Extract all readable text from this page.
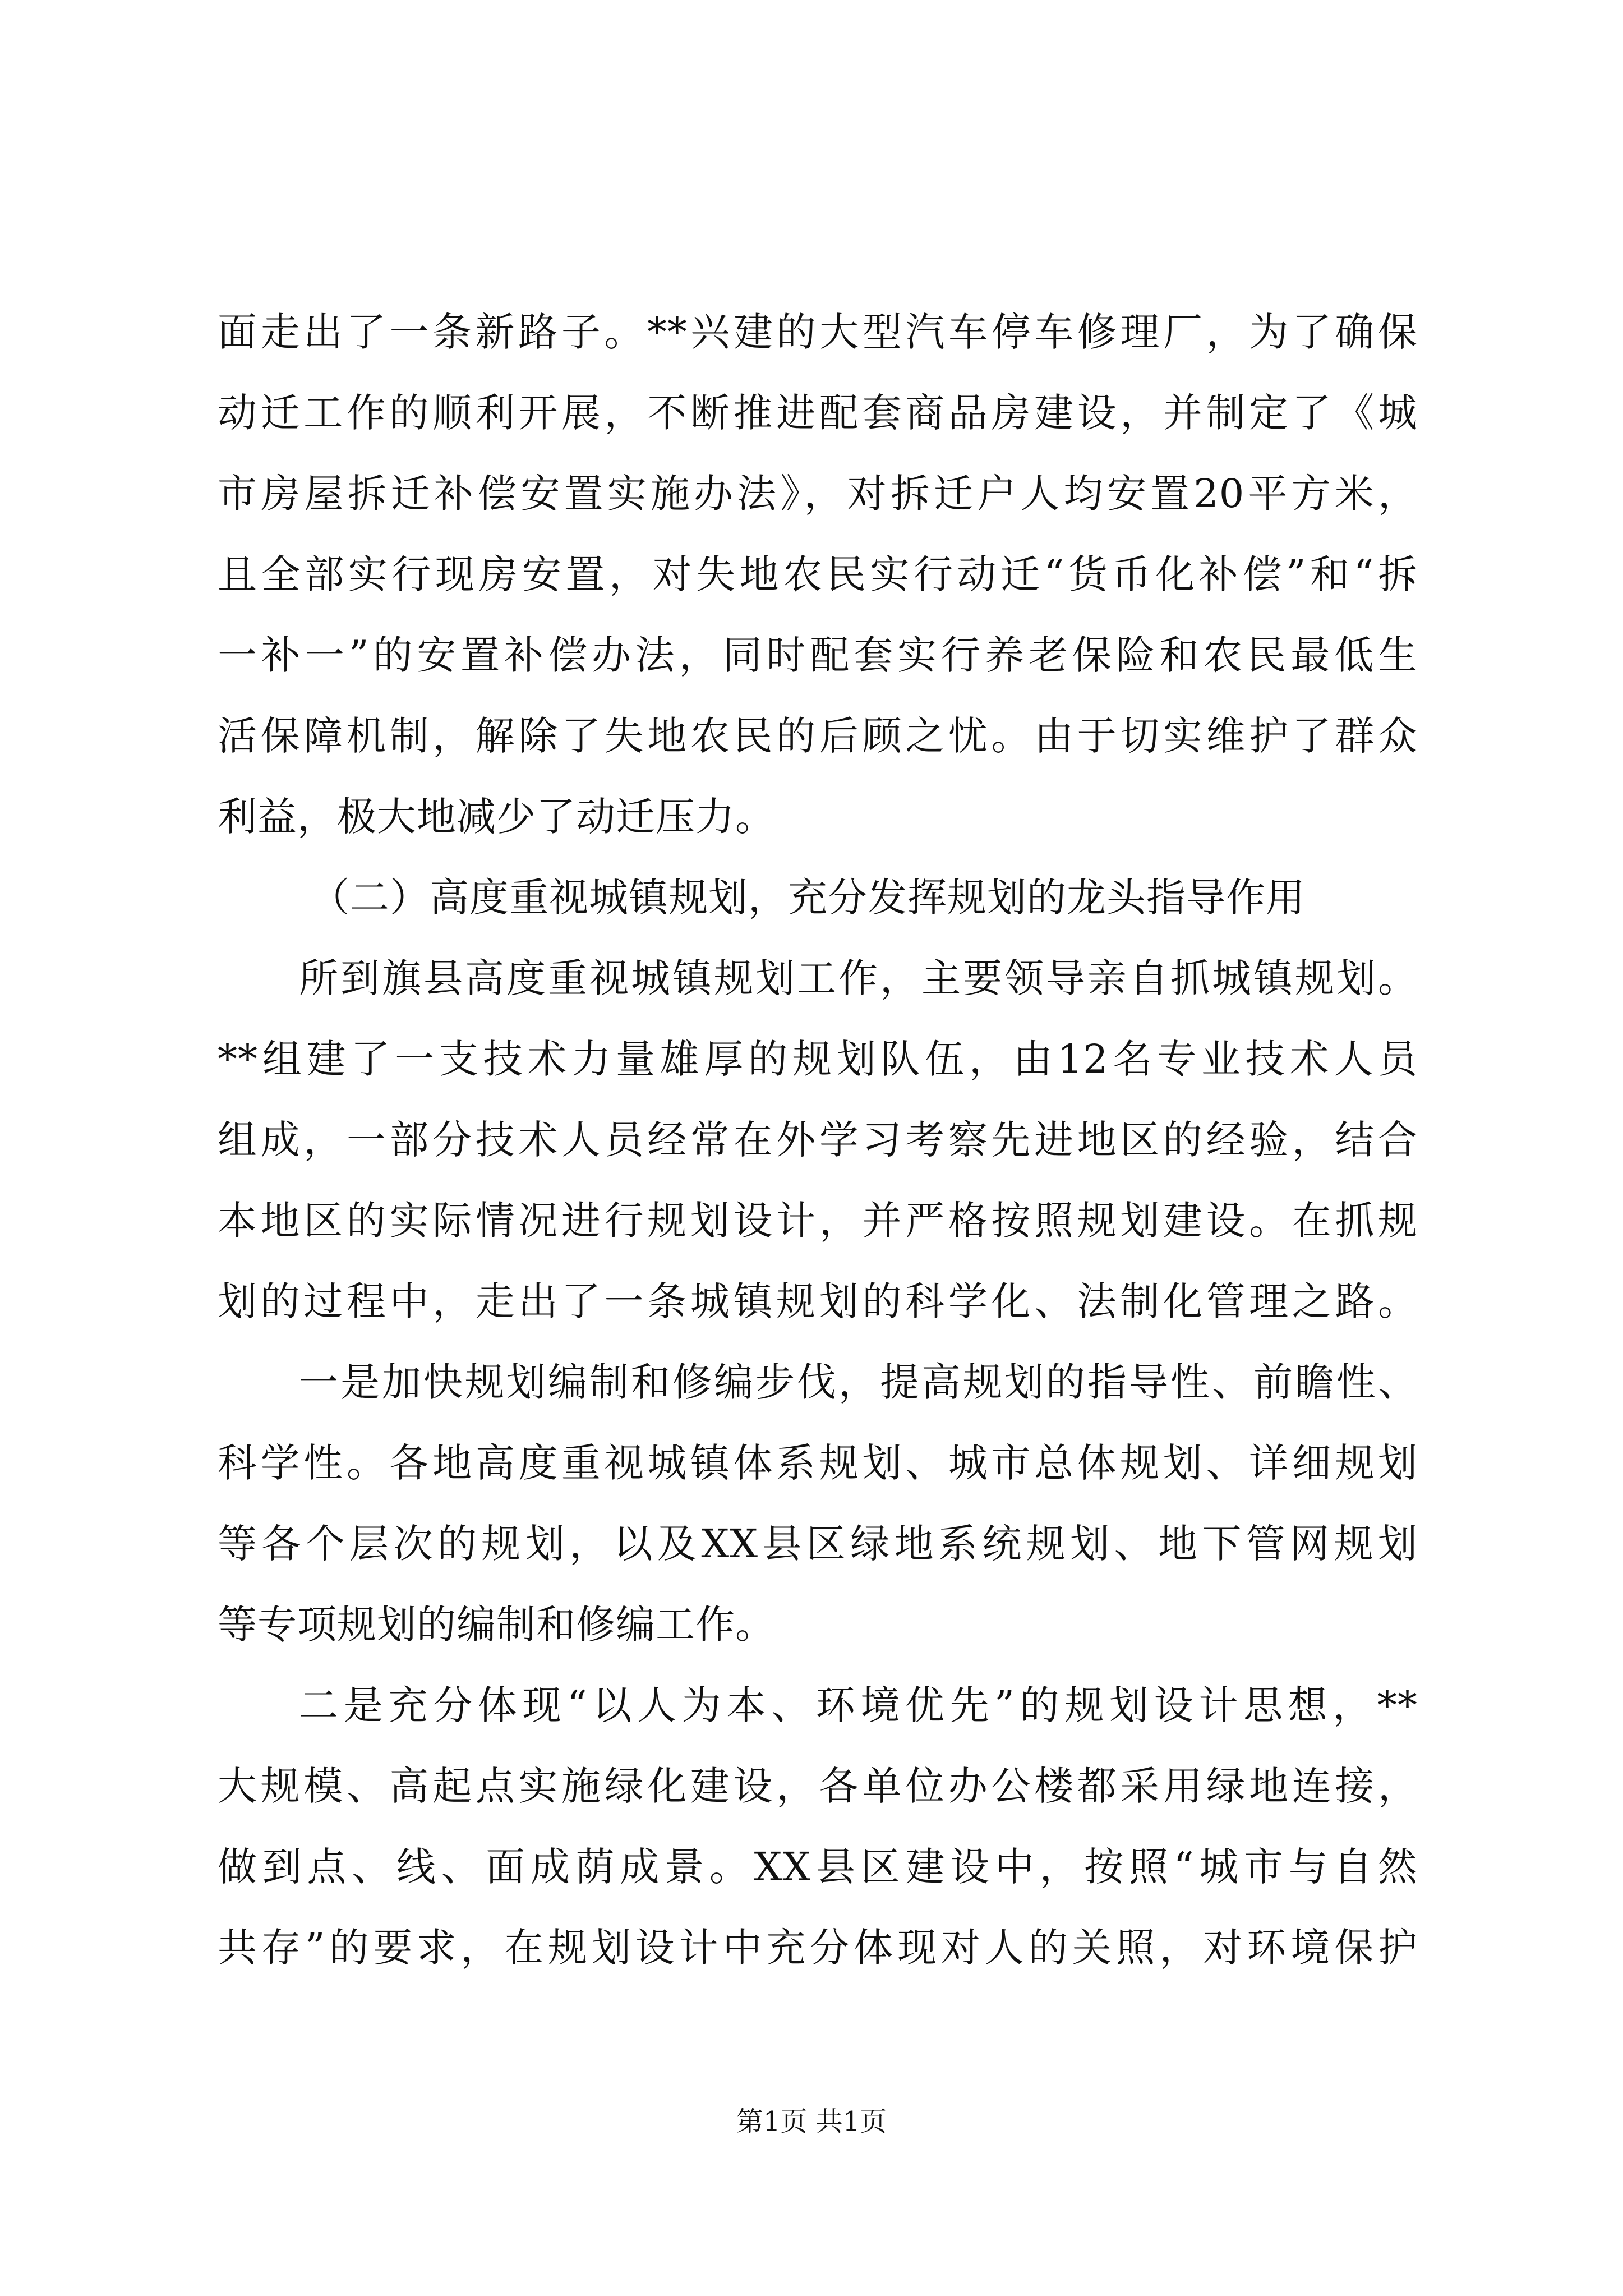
面走出了一条新路子。**兴建的大型汽车停车修理厂，为了确保
动迁工作的顺利开展，不断推进配套商品房建设，并制定了《城
市房屋拆迁补偿安置实施办法》，对拆迁户人均安置20平方米，
且全部实行现房安置，对失地农民实行动迁“货币化补偿”和“拆
一补一”的安置补偿办法，同时配套实行养老保险和农民最低生
活保障机制，解除了失地农民的后顾之忧。由于切实维护了群众
利益，极大地减少了动迁压力。
（二）高度重视城镇规划，充分发挥规划的龙头指导作用
所到旗县高度重视城镇规划工作，主要领导亲自抓城镇规划。
**组建了一支技术力量雄厚的规划队伍，由12名专业技术人员
组成，一部分技术人员经常在外学习考察先进地区的经验，结合
本地区的实际情况进行规划设计，并严格按照规划建设。在抓规
划的过程中，走出了一条城镇规划的科学化、法制化管理之路。
一是加快规划编制和修编步伐，提高规划的指导性、前瞻性、
科学性。各地高度重视城镇体系规划、城市总体规划、详细规划
等各个层次的规划，以及XX县区绿地系统规划、地下管网规划
等专项规划的编制和修编工作。
二是充分体现“以人为本、环境优先”的规划设计思想，**
大规模、高起点实施绿化建设，各单位办公楼都采用绿地连接，
做到点、线、面成荫成景。XX县区建设中，按照“城市与自然
共存”的要求，在规划设计中充分体现对人的关照，对环境保护
第1页 共1页
